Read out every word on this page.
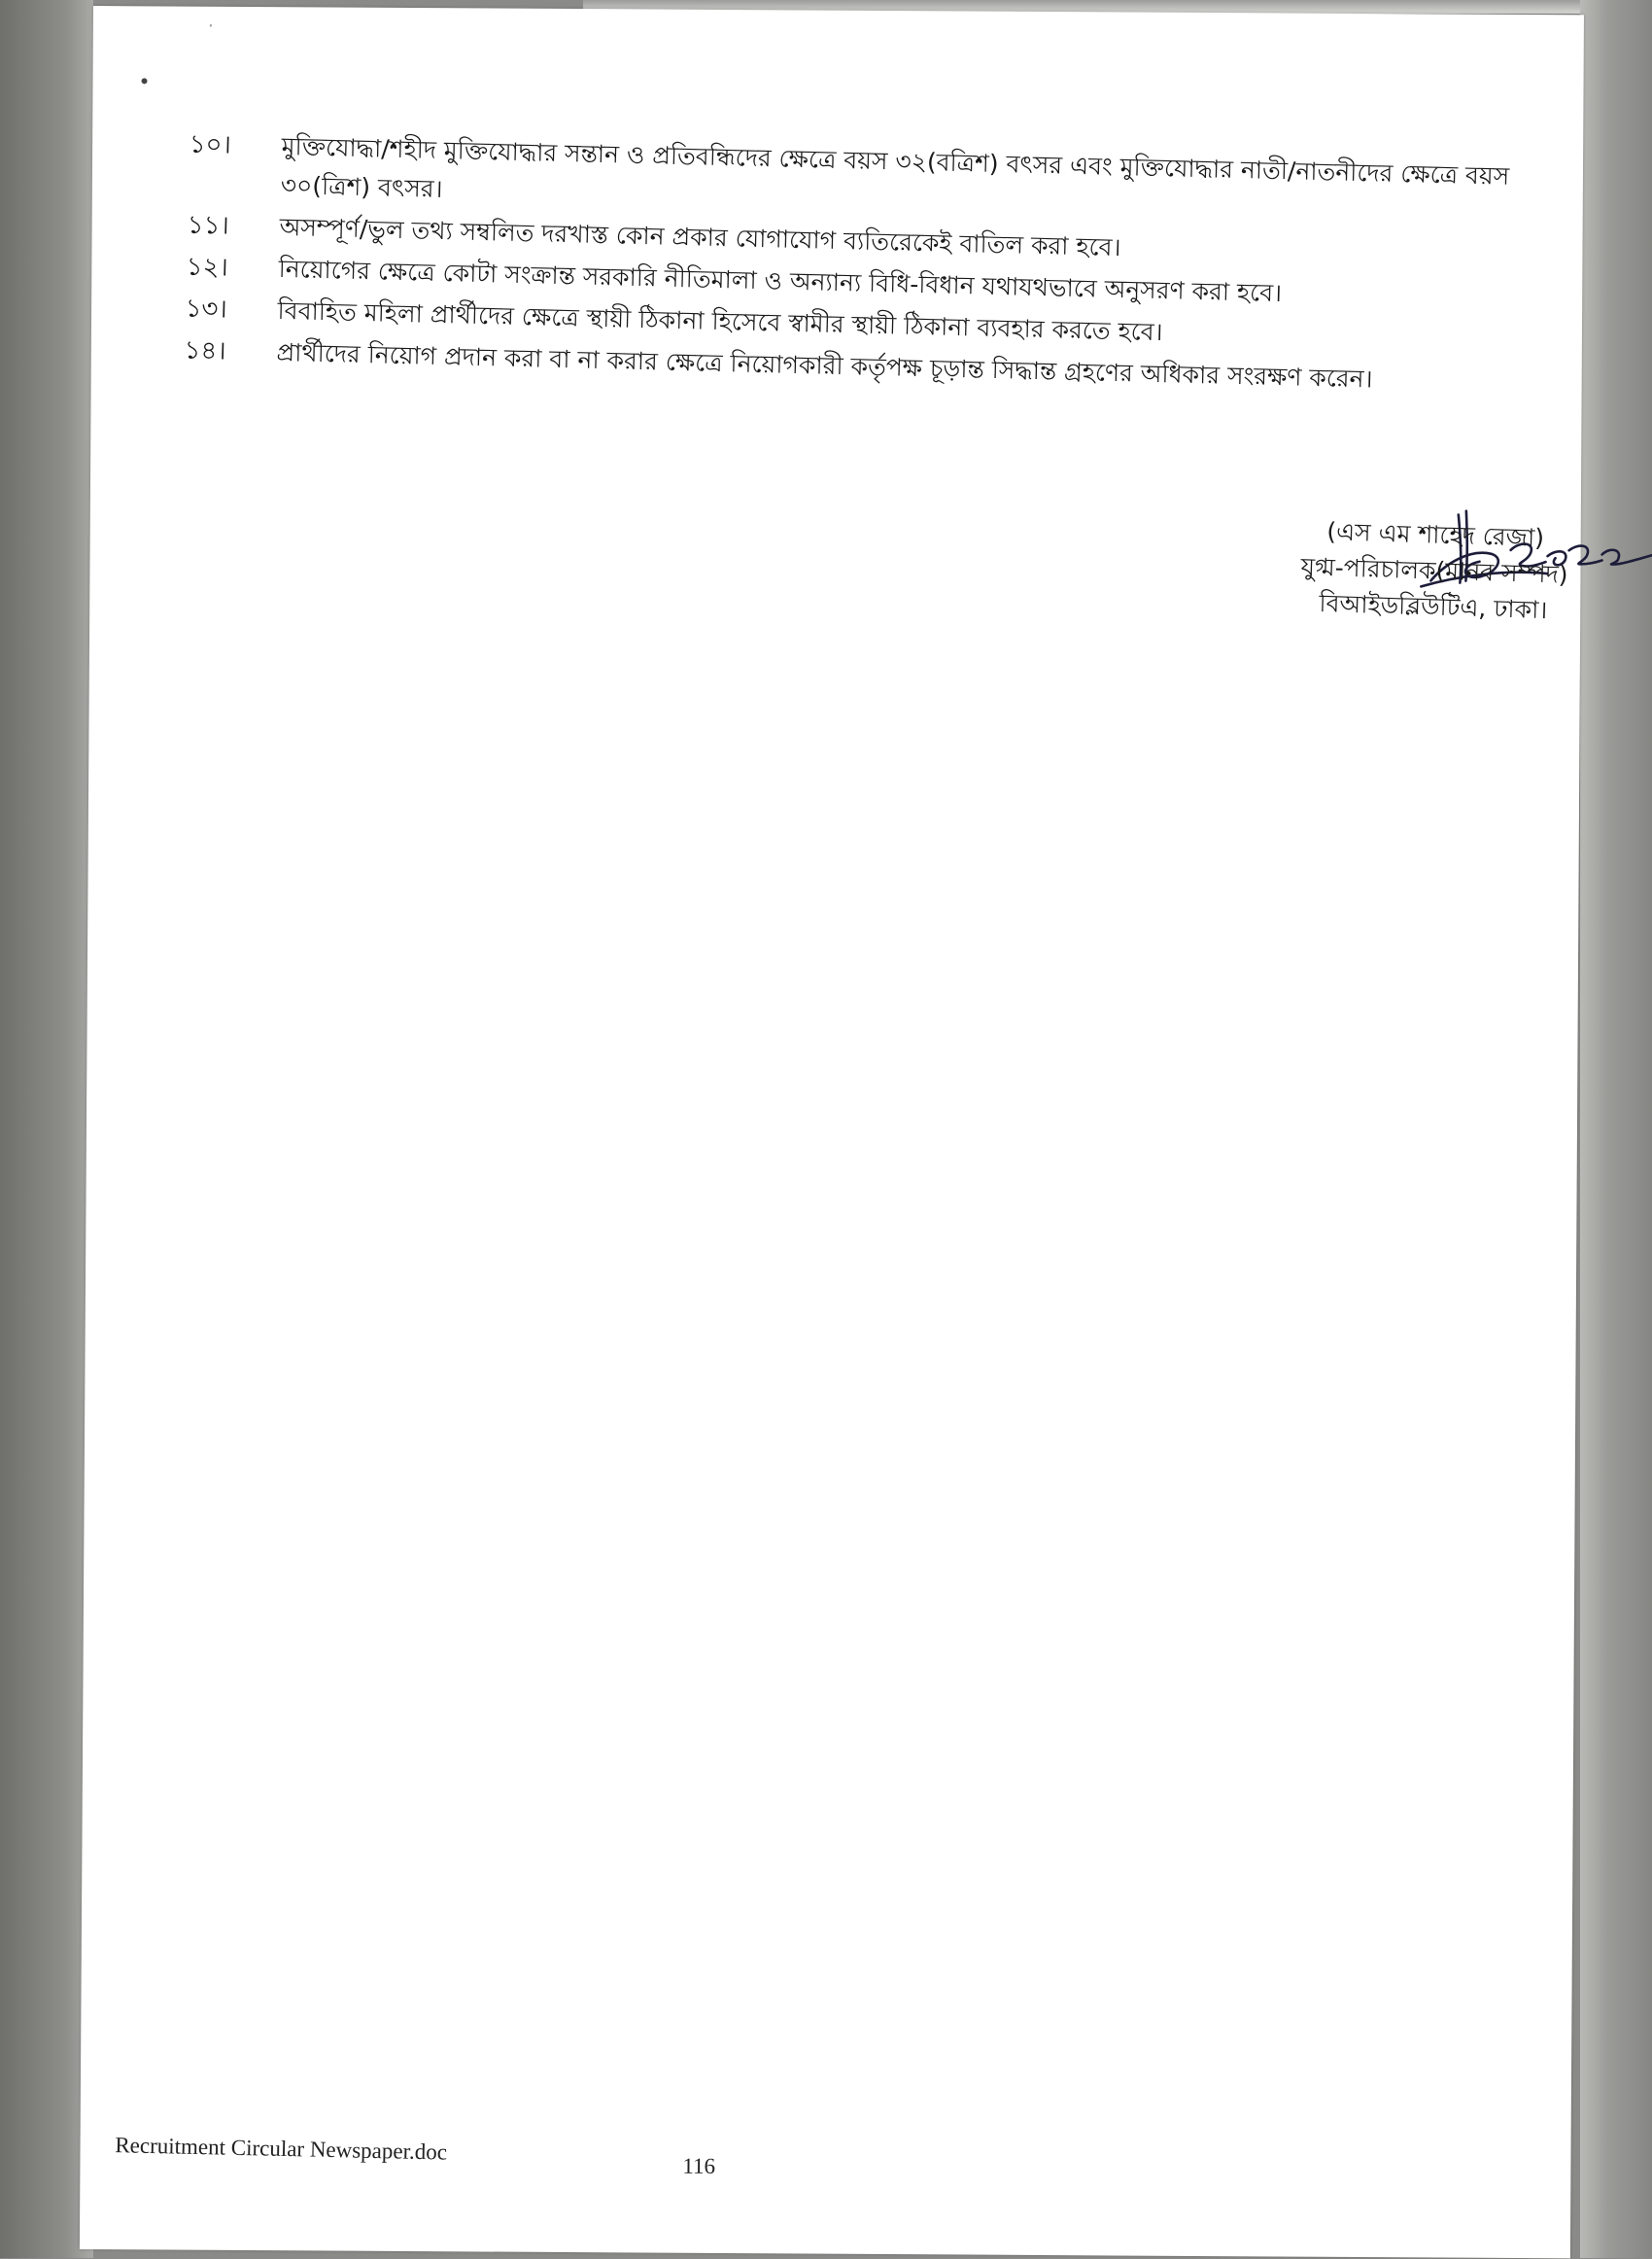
১০।	মুক্তিযোদ্ধা/শহীদ মুক্তিযোদ্ধার সন্তান ও প্রতিবন্ধিদের ক্ষেত্রে বয়স ৩২(বত্রিশ) বৎসর এবং মুক্তিযোদ্ধার নাতী/নাতনীদের ক্ষেত্রে বয়স ৩০(ত্রিশ) বৎসর।
১১।	অসম্পূর্ণ/ভুল তথ্য সম্বলিত দরখাস্ত কোন প্রকার যোগাযোগ ব্যতিরেকেই বাতিল করা হবে।
১২।	নিয়োগের ক্ষেত্রে কোটা সংক্রান্ত সরকারি নীতিমালা ও অন্যান্য বিধি-বিধান যথাযথভাবে অনুসরণ করা হবে।
১৩।	বিবাহিত মহিলা প্রার্থীদের ক্ষেত্রে স্থায়ী ঠিকানা হিসেবে স্বামীর স্থায়ী ঠিকানা ব্যবহার করতে হবে।
১৪।	প্রার্থীদের নিয়োগ প্রদান করা বা না করার ক্ষেত্রে নিয়োগকারী কর্তৃপক্ষ চূড়ান্ত সিদ্ধান্ত গ্রহণের অধিকার সংরক্ষণ করেন।
(এস এম শাহেদ রেজা)
যুগ্ম-পরিচালক(মানব সম্পদ)
বিআইডব্লিউটিএ, ঢাকা।
Recruitment Circular Newspaper.doc
116
